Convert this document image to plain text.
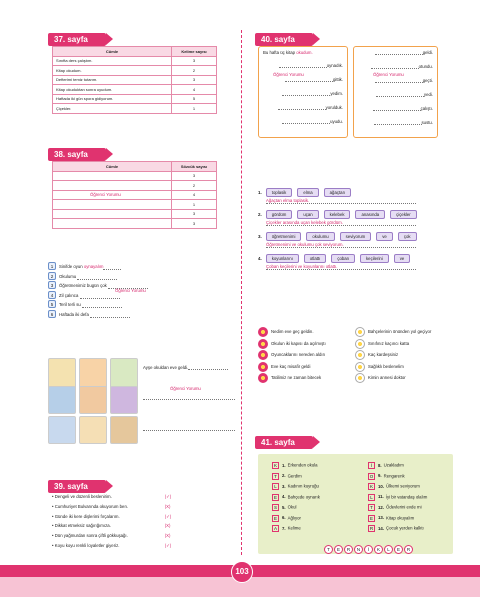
37. sayfa
Cümle	Kelime sayısı
Sınıfta ders çalıştım.	3
Kitap okudum.	2
Defterimi temiz tutarım.	3
Kitap okuduktan sonra uyudum.	4
Haftada iki gün spora gidiyorum.	5
Çiçekler.	1
38. sayfa
Cümle	Sözcük sayısı
	3
	2
	4
	1
	3
	3
Öğrenci Yorumu
1 Sinifde oyun oynayalım
2 Okulumu
3 Öğretmenimiz bugün çok
4 Zil çalınca
5 Teril terli su
6 Haftada iki defa
Öğrenci Yorumu
Ayşe okuldan eve geldi.
Öğrenci Yorumu
39. sayfa
• Dengeli ve düzenli beslenirim.	(✓)
• Cumhuriyet Bulvarında okuyorum ben.	(X)
• Günde iki kere dişlerimi fırçalarım.	(✓)
• Dikkat etmeksiz sağırığımıza.	(X)
• Dün yağmurdan sonra çiftli gökkuşağı.	(X)
• Koyu koyu renkli loyaletler giyeriz.	(✓)
40. sayfa
Bu hafta üç kitap okudum.
oynadık.
gittik.
yedim.
yorulduk.
uyudu.
Öğrenci Yorumu
geldi.
otundu.
geçti.
yedi.
çalıştı.
sustu.
Öğrenci Yorumu
1. toplasik	elma	ağaçtan
Ağaçtan elma toplasik.
2. gördüm	uçan	kelebek	anasında	çiçekler
Çiçekler arasında uçan kelebek gördüm.
3. öğretmenimi	okulumu	seviyorum	ve	çok
Öğretmenimi ve okulumu çok seviyorum.
4. koyunlarını	otlattı	çoban	keçilerini	ve
Çoban keçilerini ve koyunlarını otlattı.
Nedim eve geç geldin.
Okulun iki kapısı da açılmıştı
Oyuncaklarını nereden aldın
Eve kaç misafir geldi
Tatilimiz ne zaman bitecek
Bahçelerinin önünden yol geçiyor
Sınıfınız kaçıncı katta
Kaç kardeşsiniz
Sağlıklı beslenelim
Kimin annesi doktor
41. sayfa
K 1. Erkenden okula
T 2. Gerdim
L 3. Kadının kuyruğu
E 4. Bahçede oynarık
S 5. Okul
E 6. Ağlıyor
A 7. Kelime
İ 8. Uzakladım
O 9. Rengarenk
K 10. Ülkemi seviyorum
L 11. İyi bir vatandaş olalım
T 12. Ödevlerini evde mi
E 13. Kitap okuyalım
R 14. Çocuk yerden kalktı
T E R N İ K L E R
103
